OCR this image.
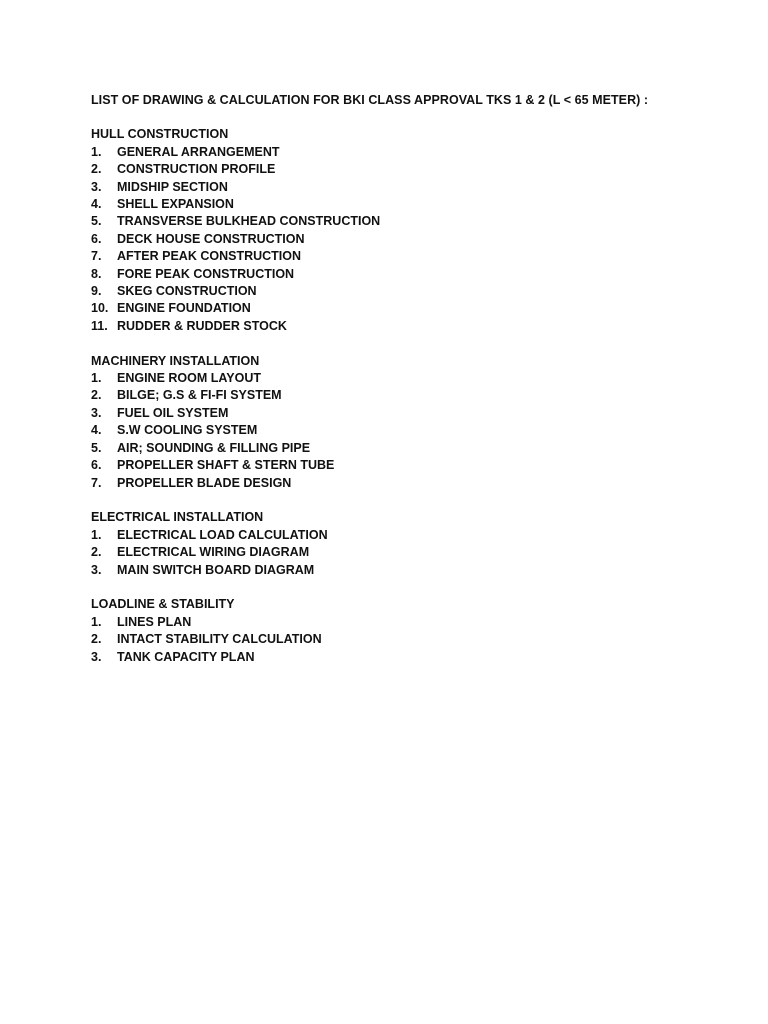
LIST OF DRAWING & CALCULATION FOR BKI CLASS APPROVAL TKS 1 & 2 (L < 65 METER) :
HULL CONSTRUCTION
1.	GENERAL ARRANGEMENT
2.	CONSTRUCTION PROFILE
3.	MIDSHIP SECTION
4.	SHELL EXPANSION
5.	TRANSVERSE BULKHEAD CONSTRUCTION
6.	DECK HOUSE CONSTRUCTION
7.	AFTER PEAK CONSTRUCTION
8.	FORE PEAK CONSTRUCTION
9.	SKEG CONSTRUCTION
10. ENGINE FOUNDATION
11. RUDDER & RUDDER STOCK
MACHINERY INSTALLATION
1.	ENGINE ROOM LAYOUT
2.	BILGE; G.S & FI-FI SYSTEM
3.	FUEL OIL SYSTEM
4.	S.W COOLING SYSTEM
5.	AIR; SOUNDING & FILLING PIPE
6.	PROPELLER SHAFT & STERN TUBE
7.	PROPELLER BLADE DESIGN
ELECTRICAL INSTALLATION
1.	ELECTRICAL LOAD CALCULATION
2.	ELECTRICAL WIRING DIAGRAM
3.	MAIN SWITCH BOARD DIAGRAM
LOADLINE & STABILITY
1.	LINES PLAN
2.	INTACT STABILITY CALCULATION
3.	TANK CAPACITY PLAN
